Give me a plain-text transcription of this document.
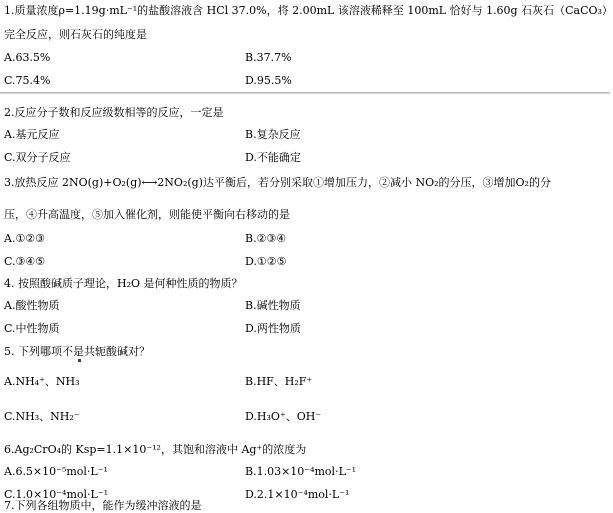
1.质量浓度ρ=1.19g·mL⁻¹的盐酸溶液含 HCl 37.0%，将 2.00mL 该溶液稀释至 100mL 恰好与 1.60g 石灰石（CaCO₃）
完全反应，则石灰石的纯度是
A.63.5%	B.37.7%
C.75.4%	D.95.5%
2.反应分子数和反应级数相等的反应，一定是
A.基元反应	B.复杂反应
C.双分子反应	D.不能确定
3.放热反应 2NO(g)+O₂(g)⟷2NO₂(g)达平衡后，若分别采取①增加压力，②减小 NO₂的分压，③增加O₂的分
压，④升高温度，⑤加入催化剂，则能使平衡向右移动的是
A.①②③	B.②③④
C.③④⑤	D.①②⑤
4. 按照酸碱质子理论，H₂O 是何种性质的物质？
A.酸性物质	B.碱性物质
C.中性物质	D.两性物质
5. 下列哪项不是共轭酸碱对？
A.NH₄⁺、NH₃	B.HF、H₂F⁺
C.NH₃、NH₂⁻	D.H₃O⁺、OH⁻
6.Ag₂CrO₄的 Ksp=1.1×10⁻¹²，其饱和溶液中 Ag⁺的浓度为
A.6.5×10⁻⁵mol·L⁻¹	B.1.03×10⁻⁴mol·L⁻¹
C.1.0×10⁻⁴mol·L⁻¹	D.2.1×10⁻⁴mol·L⁻¹
7.下列各组物质中，能作为缓冲溶液的是
